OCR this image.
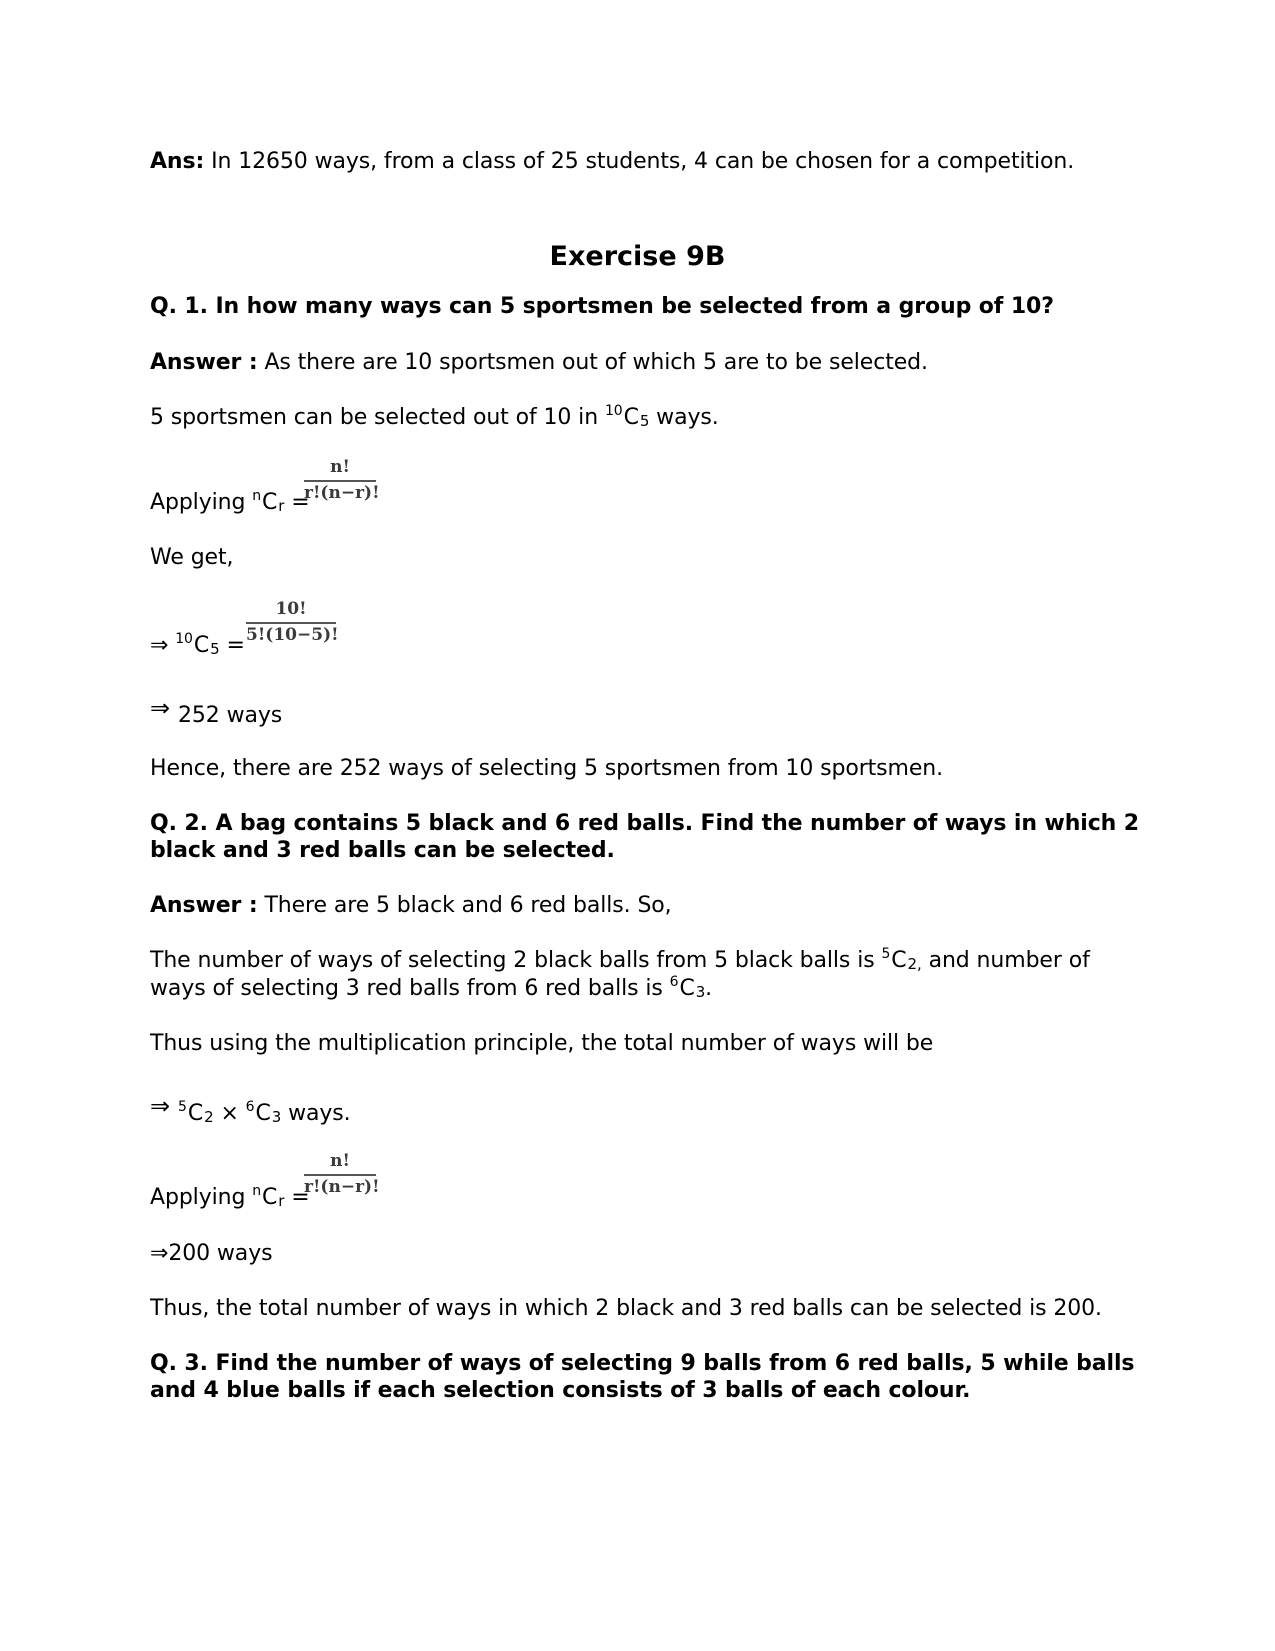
Ans: In 12650 ways, from a class of 25 students, 4 can be chosen for a competition.
Exercise 9B
Q. 1. In how many ways can 5 sportsmen be selected from a group of 10?
Answer : As there are 10 sportsmen out of which 5 are to be selected.
5 sportsmen can be selected out of 10 in $^{10}C_5$ ways.
Applying $^nC_r$ =
n!
r!(n−r)!
We get,
⇒ $^{10}C_5$ =
10!
5!(10−5)!
⇒ 252 ways
Hence, there are 252 ways of selecting 5 sportsmen from 10 sportsmen.
Q. 2. A bag contains 5 black and 6 red balls. Find the number of ways in which 2
black and 3 red balls can be selected.
Answer : There are 5 black and 6 red balls. So,
The number of ways of selecting 2 black balls from 5 black balls is $^5C_{2,}$ and number of
ways of selecting 3 red balls from 6 red balls is $^6C_3$.
Thus using the multiplication principle, the total number of ways will be
⇒ $^5C_2 \times ^6C_3$ ways.
Applying $^nC_r$ =
n!
r!(n−r)!
⇒200 ways
Thus, the total number of ways in which 2 black and 3 red balls can be selected is 200.
Q. 3. Find the number of ways of selecting 9 balls from 6 red balls, 5 while balls
and 4 blue balls if each selection consists of 3 balls of each colour.
